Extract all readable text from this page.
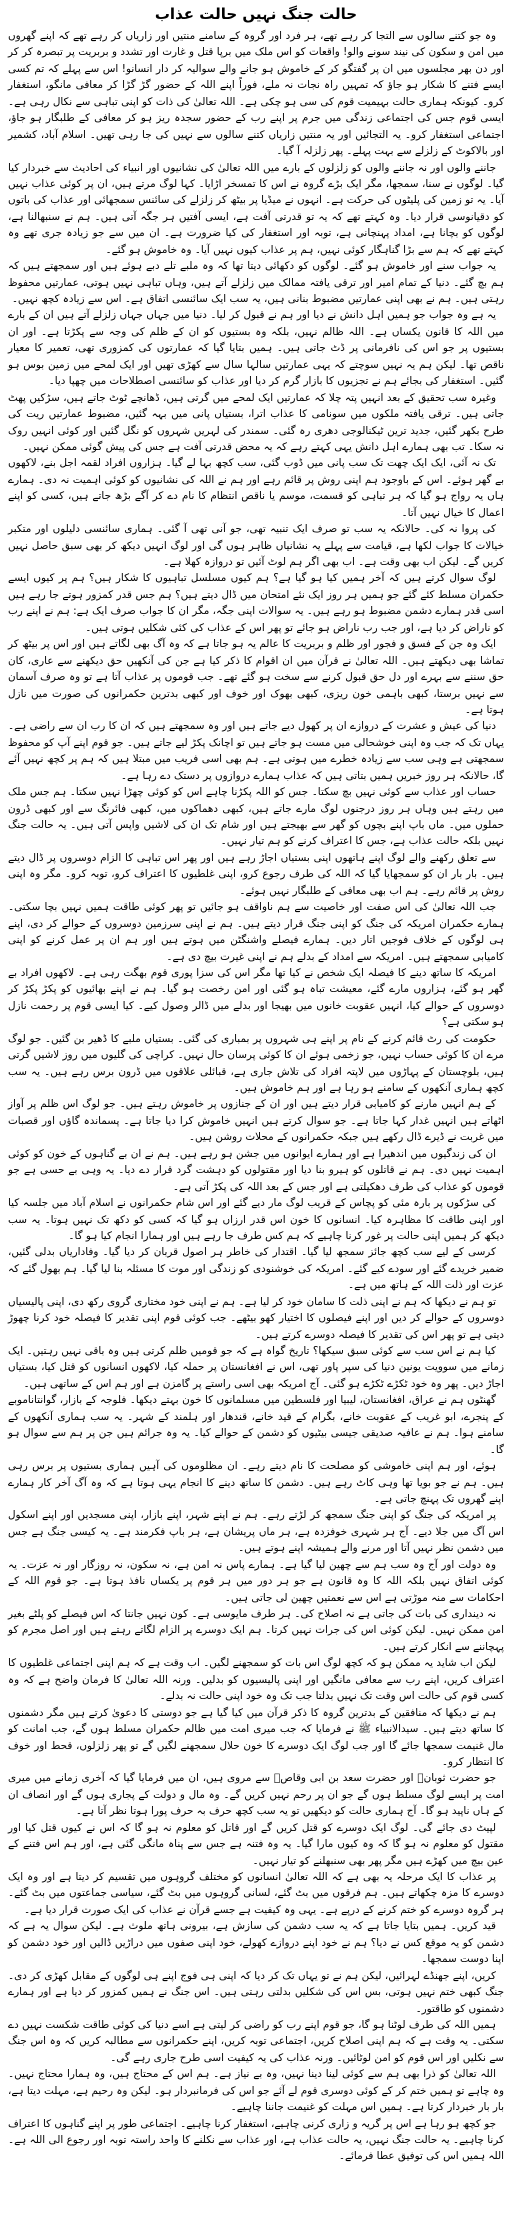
حالت جنگ نہیں حالت عذاب

وہ جو کتنے سالوں سے التجا کر رہے تھے، ہر فرد اور گروہ کے سامنے منتیں اور زاریاں کر رہے تھے کہ اپنے گھروں میں امن و سکون کی نیند سونے والو! واقعات کو اس ملک میں برپا قتل و غارت اور تشدد و بربریت پر تبصرہ کر کر اور دن بھر مجلسوں میں ان پر گفتگو کر کے خاموش ہو جانے والے سوالیہ کر دار انسانو! اس سے پہلے کہ تم کسی ایسے فتنے کا شکار ہو جاؤ کہ تمہیں راہ نجات نہ ملے، فوراً اپنے اللہ کے حضور گڑ گڑا کر معافی مانگو، استغفار کرو۔ کیونکہ ہماری حالت بہیمیت قوم کی سی ہو چکی ہے۔ اللہ تعالیٰ کی ذات کو اپنی تباہی سے نکال رہی ہے۔ ایسی قوم جس کی اجتماعی زندگی میں جرم پر اپنے رب کے حضور سجدہ ریز ہو کر معافی کے طلبگار ہو جاؤ، اجتماعی استغفار کرو۔ یہ التجائیں اور یہ منتیں زاریاں کتنے سالوں سے نہیں کی جا رہی تھیں۔ اسلام آباد، کشمیر اور بالاکوٹ کے زلزلے سے بہت پہلے۔ پھر زلزلہ آ گیا۔

جاننے والوں اور نہ جاننے والوں کو زلزلوں کے بارے میں اللہ تعالیٰ کی نشانیوں اور انبیاء کی احادیث سے خبردار کیا گیا۔ لوگوں نے سنا، سمجھا، مگر ایک بڑے گروہ نے اس کا تمسخر اڑایا۔ کہا لوگ مرتے ہیں، ان پر کوئی عذاب نہیں آیا۔ یہ تو زمین کی پلیٹوں کی حرکت ہے۔ انہوں نے میڈیا پر بیٹھ کر زلزلے کی سائنس سمجھائی اور عذاب کی باتوں کو دقیانوسی قرار دیا۔ وہ کہتے تھے کہ یہ تو قدرتی آفت ہے، ایسی آفتیں ہر جگہ آتی ہیں۔ ہم نے سنبھالنا ہے، لوگوں کو بچانا ہے، امداد پہنچانی ہے، توبہ اور استغفار کی کیا ضرورت ہے۔ ان میں سے جو زیادہ جری تھے وہ کہتے تھے کہ ہم سے بڑا گناہگار کوئی نہیں، ہم پر عذاب کیوں نہیں آیا۔ وہ خاموش ہو گئے۔

یہ جواب سنے اور خاموش ہو گئے۔ لوگوں کو دکھائی دیتا تھا کہ وہ ملبے تلے دبے ہوئے ہیں اور سمجھتے ہیں کہ ہم بچ گئے۔ دنیا کے تمام امیر اور ترقی یافتہ ممالک میں زلزلے آتے ہیں، وہاں تباہی نہیں ہوتی، عمارتیں محفوظ رہتی ہیں۔ ہم نے بھی اپنی عمارتیں مضبوط بنانی ہیں، یہ سب ایک سائنسی اتفاق ہے۔ اس سے زیادہ کچھ نہیں۔

یہ ہے وہ جواب جو ہمیں اہل دانش نے دیا اور ہم نے قبول کر لیا۔ دنیا میں جہاں جہاں زلزلے آتے ہیں ان کے بارے میں اللہ کا قانون یکساں ہے۔ اللہ ظالم نہیں، بلکہ وہ بستیوں کو ان کے ظلم کی وجہ سے پکڑتا ہے۔ اور ان بستیوں پر جو اس کی نافرمانی پر ڈٹ جاتی ہیں۔ ہمیں بتایا گیا کہ عمارتوں کی کمزوری تھی، تعمیر کا معیار ناقص تھا۔ لیکن ہم یہ نہیں سوچتے کہ یہی عمارتیں سالہا سال سے کھڑی تھیں اور ایک لمحے میں زمین بوس ہو گئیں۔ استغفار کی بجائے ہم نے تجزیوں کا بازار گرم کر دیا اور عذاب کو سائنسی اصطلاحات میں چھپا دیا۔

وغیرہ سب تحقیق کے بعد انہیں پتہ چلا کہ عمارتیں ایک لمحے میں گرتی ہیں، ڈھانچے ٹوٹ جاتے ہیں، سڑکیں پھٹ جاتی ہیں۔ ترقی یافتہ ملکوں میں سونامی کا عذاب اترا، بستیاں پانی میں بہہ گئیں، مضبوط عمارتیں ریت کی طرح بکھر گئیں، جدید ترین ٹیکنالوجی دھری رہ گئی۔ سمندر کی لہریں شہروں کو نگل گئیں اور کوئی انہیں روک نہ سکا۔ تب بھی ہمارے اہل دانش یہی کہتے رہے کہ یہ محض قدرتی آفت ہے جس کی پیش گوئی ممکن نہیں۔

تک نہ آئی، ایک ایک چھت تک سب پانی میں ڈوب گئی، سب کچھ بہا لے گیا۔ ہزاروں افراد لقمہ اجل بنے، لاکھوں بے گھر ہوئے۔ اس کے باوجود ہم اپنی روش پر قائم رہے اور ہم نے اللہ کی نشانیوں کو کوئی اہمیت نہ دی۔ ہمارے ہاں یہ رواج ہو گیا کہ ہر تباہی کو قسمت، موسم یا ناقص انتظام کا نام دے کر آگے بڑھ جاتے ہیں، کسی کو اپنے اعمال کا خیال نہیں آتا۔

کی پروا نہ کی۔ حالانکہ یہ سب تو صرف ایک تنبیہ تھی، جو آنی تھی آ گئی۔ ہماری سائنسی دلیلوں اور متکبر خیالات کا جواب لکھا ہے، قیامت سے پہلے یہ نشانیاں ظاہر ہوں گی اور لوگ انہیں دیکھ کر بھی سبق حاصل نہیں کریں گے۔ لیکن اب بھی وقت ہے۔ اب بھی اگر ہم لوٹ آئیں تو دروازہ کھلا ہے۔

لوگ سوال کرتے ہیں کہ آخر ہمیں کیا ہو گیا ہے؟ ہم کیوں مسلسل تباہیوں کا شکار ہیں؟ ہم پر کیوں ایسے حکمران مسلط کئے گئے جو ہمیں ہر روز ایک نئے امتحان میں ڈال دیتے ہیں؟ ہم جس قدر کمزور ہوتے جا رہے ہیں اسی قدر ہمارے دشمن مضبوط ہو رہے ہیں۔ یہ سوالات اپنی جگہ، مگر ان کا جواب صرف ایک ہے: ہم نے اپنے رب کو ناراض کر دیا ہے، اور جب رب ناراض ہو جائے تو پھر اس کے عذاب کی کئی شکلیں ہوتی ہیں۔

ایک وہ جن کے فسق و فجور اور ظلم و بربریت کا عالم یہ ہو جاتا ہے کہ وہ آگ بھی لگاتے ہیں اور اس پر بیٹھ کر تماشا بھی دیکھتے ہیں۔ اللہ تعالیٰ نے قرآن میں ان اقوام کا ذکر کیا ہے جن کی آنکھیں حق دیکھنے سے عاری، کان حق سننے سے بہرے اور دل حق قبول کرنے سے سخت ہو گئے تھے۔ جب قوموں پر عذاب آتا ہے تو وہ صرف آسمان سے نہیں برستا، کبھی باہمی خون ریزی، کبھی بھوک اور خوف اور کبھی بدترین حکمرانوں کی صورت میں نازل ہوتا ہے۔

دنیا کی عیش و عشرت کے دروازے ان پر کھول دیے جاتے ہیں اور وہ سمجھتے ہیں کہ ان کا رب ان سے راضی ہے۔ یہاں تک کہ جب وہ اپنی خوشحالی میں مست ہو جاتے ہیں تو اچانک پکڑ لیے جاتے ہیں۔ جو قوم اپنے آپ کو محفوظ سمجھتی ہے وہی سب سے زیادہ خطرے میں ہوتی ہے۔ ہم بھی اسی فریب میں مبتلا ہیں کہ ہم پر کچھ نہیں آئے گا، حالانکہ ہر روز خبریں ہمیں بتاتی ہیں کہ عذاب ہمارے دروازوں پر دستک دے رہا ہے۔

حساب اور عذاب سے کوئی نہیں بچ سکتا۔ جس کو اللہ پکڑنا چاہے اس کو کوئی چھڑا نہیں سکتا۔ ہم جس ملک میں رہتے ہیں وہاں ہر روز درجنوں لوگ مارے جاتے ہیں، کبھی دھماکوں میں، کبھی فائرنگ سے اور کبھی ڈرون حملوں میں۔ ماں باپ اپنے بچوں کو گھر سے بھیجتے ہیں اور شام تک ان کی لاشیں واپس آتی ہیں۔ یہ حالت جنگ نہیں بلکہ حالت عذاب ہے، جس کا اعتراف کرنے کو ہم تیار نہیں۔

سے تعلق رکھنے والے لوگ اپنے ہاتھوں اپنی بستیاں اجاڑ رہے ہیں اور پھر اس تباہی کا الزام دوسروں پر ڈال دیتے ہیں۔ بار بار ان کو سمجھایا گیا کہ اللہ کی طرف رجوع کرو، اپنی غلطیوں کا اعتراف کرو، توبہ کرو۔ مگر وہ اپنی روش پر قائم رہے۔ ہم اب بھی معافی کے طلبگار نہیں ہوئے۔

جب اللہ تعالیٰ کی اس صفت اور خاصیت سے ہم ناواقف ہو جائیں تو پھر کوئی طاقت ہمیں نہیں بچا سکتی۔ ہمارے حکمران امریکہ کی جنگ کو اپنی جنگ قرار دیتے ہیں۔ ہم نے اپنی سرزمین دوسروں کے حوالے کر دی، اپنے ہی لوگوں کے خلاف فوجیں اتار دیں۔ ہمارے فیصلے واشنگٹن میں ہوتے ہیں اور ہم ان پر عمل کرنے کو اپنی کامیابی سمجھتے ہیں۔ امریکہ سے امداد کے بدلے ہم نے اپنی غیرت بیچ دی ہے۔

امریکہ کا ساتھ دینے کا فیصلہ ایک شخص نے کیا تھا مگر اس کی سزا پوری قوم بھگت رہی ہے۔ لاکھوں افراد بے گھر ہو گئے، ہزاروں مارے گئے، معیشت تباہ ہو گئی اور امن رخصت ہو گیا۔ ہم نے اپنے بھائیوں کو پکڑ پکڑ کر دوسروں کے حوالے کیا، انہیں عقوبت خانوں میں بھیجا اور بدلے میں ڈالر وصول کیے۔ کیا ایسی قوم پر رحمت نازل ہو سکتی ہے؟

حکومت کی رٹ قائم کرنے کے نام پر اپنے ہی شہروں پر بمباری کی گئی۔ بستیاں ملبے کا ڈھیر بن گئیں۔ جو لوگ مرے ان کا کوئی حساب نہیں، جو زخمی ہوئے ان کا کوئی پرسان حال نہیں۔ کراچی کی گلیوں میں روز لاشیں گرتی ہیں، بلوچستان کے پہاڑوں میں لاپتہ افراد کی تلاش جاری ہے، قبائلی علاقوں میں ڈرون برس رہے ہیں۔ یہ سب کچھ ہماری آنکھوں کے سامنے ہو رہا ہے اور ہم خاموش ہیں۔

کے ہم انہیں مارنے کو کامیابی قرار دیتے ہیں اور ان کے جنازوں پر خاموش رہتے ہیں۔ جو لوگ اس ظلم پر آواز اٹھاتے ہیں انہیں غدار کہا جاتا ہے۔ جو سوال کرتے ہیں انہیں خاموش کرا دیا جاتا ہے۔ پسماندہ گاؤں اور قصبات میں غربت نے ڈیرے ڈال رکھے ہیں جبکہ حکمرانوں کے محلات روشن ہیں۔

ان کی زندگیوں میں اندھیرا ہے اور ہمارے ایوانوں میں جشن ہو رہے ہیں۔ ہم نے ان بے گناہوں کے خون کو کوئی اہمیت نہیں دی۔ ہم نے قاتلوں کو ہیرو بنا دیا اور مقتولوں کو دہشت گرد قرار دے دیا۔ یہ وہی بے حسی ہے جو قوموں کو عذاب کی طرف دھکیلتی ہے اور جس کے بعد اللہ کی پکڑ آتی ہے۔

کی سڑکوں پر بارہ مئی کو پچاس کے قریب لوگ مار دیے گئے اور اس شام حکمرانوں نے اسلام آباد میں جلسہ کیا اور اپنی طاقت کا مظاہرہ کیا۔ انسانوں کا خون اس قدر ارزاں ہو گیا کہ کسی کو دکھ تک نہیں ہوتا۔ یہ سب دیکھ کر ہمیں اپنی حالت پر غور کرنا چاہیے کہ ہم کس طرف جا رہے ہیں اور ہمارا انجام کیا ہو گا۔

کرسی کے لیے سب کچھ جائز سمجھ لیا گیا۔ اقتدار کی خاطر ہر اصول قربان کر دیا گیا۔ وفاداریاں بدلی گئیں، ضمیر خریدے گئے اور سودے کیے گئے۔ امریکہ کی خوشنودی کو زندگی اور موت کا مسئلہ بنا لیا گیا۔ ہم بھول گئے کہ عزت اور ذلت اللہ کے ہاتھ میں ہے۔

تو ہم نے دیکھا کہ ہم نے اپنی ذلت کا سامان خود کر لیا ہے۔ ہم نے اپنی خود مختاری گروی رکھ دی، اپنی پالیسیاں دوسروں کے حوالے کر دیں اور اپنے فیصلوں کا اختیار کھو بیٹھے۔ جب کوئی قوم اپنی تقدیر کا فیصلہ خود کرنا چھوڑ دیتی ہے تو پھر اس کی تقدیر کا فیصلہ دوسرے کرتے ہیں۔

کیا ہم نے اس سب سے کوئی سبق سیکھا؟ تاریخ گواہ ہے کہ جو قومیں ظلم کرتی ہیں وہ باقی نہیں رہتیں۔ ایک زمانے میں سوویت یونین دنیا کی سپر پاور تھی، اس نے افغانستان پر حملہ کیا، لاکھوں انسانوں کو قتل کیا، بستیاں اجاڑ دیں۔ پھر وہ خود ٹکڑے ٹکڑے ہو گئی۔ آج امریکہ بھی اسی راستے پر گامزن ہے اور ہم اس کے ساتھی ہیں۔

گھنٹوں ہم نے عراق، افغانستان، لیبیا اور فلسطین میں مسلمانوں کا خون بہتے دیکھا۔ فلوجہ کے بازار، گوانتاناموبے کے پنجرے، ابو غریب کے عقوبت خانے، بگرام کے قید خانے، قندھار اور ہلمند کے شہر۔ یہ سب ہماری آنکھوں کے سامنے ہوا۔ ہم نے عافیہ صدیقی جیسی بیٹیوں کو دشمن کے حوالے کیا۔ یہ وہ جرائم ہیں جن پر ہم سے سوال ہو گا۔

ہوئے، اور ہم اپنی خاموشی کو مصلحت کا نام دیتے رہے۔ ان مظلوموں کی آہیں ہماری بستیوں پر برس رہی ہیں۔ ہم نے جو بویا تھا وہی کاٹ رہے ہیں۔ دشمن کا ساتھ دینے کا انجام یہی ہوتا ہے کہ وہ آگ آخر کار ہمارے اپنے گھروں تک پہنچ جاتی ہے۔

پر امریکہ کی جنگ کو اپنی جنگ سمجھ کر لڑتے رہے۔ ہم نے اپنے شہر، اپنے بازار، اپنی مسجدیں اور اپنے اسکول اس آگ میں جلا دیے۔ آج ہر شہری خوفزدہ ہے، ہر ماں پریشان ہے، ہر باپ فکرمند ہے۔ یہ کیسی جنگ ہے جس میں دشمن نظر نہیں آتا اور مرنے والے ہمیشہ اپنے ہوتے ہیں۔

وہ دولت اور آج وہ سب ہم سے چھین لیا گیا ہے۔ ہمارے پاس نہ امن ہے، نہ سکون، نہ روزگار اور نہ عزت۔ یہ کوئی اتفاق نہیں بلکہ اللہ کا وہ قانون ہے جو ہر دور میں ہر قوم پر یکساں نافذ ہوتا ہے۔ جو قوم اللہ کے احکامات سے منہ موڑتی ہے اس سے نعمتیں چھین لی جاتی ہیں۔

نہ دینداری کی بات کی جاتی ہے نہ اصلاح کی۔ ہر طرف مایوسی ہے۔ کون نہیں جانتا کہ اس فیصلے کو پلٹے بغیر امن ممکن نہیں۔ لیکن کوئی اس کی جرات نہیں کرتا۔ ہم ایک دوسرے پر الزام لگاتے رہتے ہیں اور اصل مجرم کو پہچاننے سے انکار کرتے ہیں۔

لیکن اب شاید یہ ممکن ہو کہ کچھ لوگ اس بات کو سمجھنے لگیں۔ اب وقت ہے کہ ہم اپنی اجتماعی غلطیوں کا اعتراف کریں، اپنے رب سے معافی مانگیں اور اپنی پالیسیوں کو بدلیں۔ ورنہ اللہ تعالیٰ کا فرمان واضح ہے کہ وہ کسی قوم کی حالت اس وقت تک نہیں بدلتا جب تک وہ خود اپنی حالت نہ بدلے۔

ہم نے دیکھا کہ منافقین کے بدترین گروہ کا ذکر قرآن میں کیا گیا ہے جو دوستی کا دعویٰ کرتے ہیں مگر دشمنوں کا ساتھ دیتے ہیں۔ سیدالانبیاء ﷺ نے فرمایا کہ جب میری امت میں ظالم حکمران مسلط ہوں گے، جب امانت کو مال غنیمت سمجھا جائے گا اور جب لوگ ایک دوسرے کا خون حلال سمجھنے لگیں گے تو پھر زلزلوں، قحط اور خوف کا انتظار کرو۔

جو حضرت ثوبانؓ اور حضرت سعد بن ابی وقاصؓ سے مروی ہیں، ان میں فرمایا گیا کہ آخری زمانے میں میری امت پر ایسے لوگ مسلط ہوں گے جو ان پر رحم نہیں کریں گے۔ وہ مال و دولت کے پجاری ہوں گے اور انصاف ان کے ہاں ناپید ہو گا۔ آج ہماری حالت کو دیکھیں تو یہ سب کچھ حرف بہ حرف پورا ہوتا نظر آتا ہے۔

لپیٹ دی جائے گی۔ لوگ ایک دوسرے کو قتل کریں گے اور قاتل کو معلوم نہ ہو گا کہ اس نے کیوں قتل کیا اور مقتول کو معلوم نہ ہو گا کہ وہ کیوں مارا گیا۔ یہ وہ فتنہ ہے جس سے پناہ مانگی گئی ہے، اور ہم اس فتنے کے عین بیچ میں کھڑے ہیں مگر پھر بھی سنبھلنے کو تیار نہیں۔

پر عذاب کا ایک مرحلہ یہ بھی ہے کہ اللہ تعالیٰ انسانوں کو مختلف گروہوں میں تقسیم کر دیتا ہے اور وہ ایک دوسرے کا مزہ چکھاتے ہیں۔ ہم فرقوں میں بٹ گئے، لسانی گروہوں میں بٹ گئے، سیاسی جماعتوں میں بٹ گئے۔ ہر گروہ دوسرے کو ختم کرنے کے درپے ہے۔ یہی وہ کیفیت ہے جسے قرآن نے عذاب کی ایک صورت قرار دیا ہے۔

قید کریں۔ ہمیں بتایا جاتا ہے کہ یہ سب دشمن کی سازش ہے، بیرونی ہاتھ ملوث ہے۔ لیکن سوال یہ ہے کہ دشمن کو یہ موقع کس نے دیا؟ ہم نے خود اپنے دروازے کھولے، خود اپنی صفوں میں دراڑیں ڈالیں اور خود دشمن کو اپنا دوست سمجھا۔

کریں، اپنے جھنڈے لہرائیں، لیکن ہم نے تو یہاں تک کر دیا کہ اپنی ہی فوج اپنے ہی لوگوں کے مقابل کھڑی کر دی۔ جنگ کبھی ختم نہیں ہوتی، بس اس کی شکلیں بدلتی رہتی ہیں۔ اس جنگ نے ہمیں کمزور کر دیا ہے اور ہمارے دشمنوں کو طاقتور۔

ہمیں اللہ کی طرف لوٹنا ہو گا، جو قوم اپنے رب کو راضی کر لیتی ہے اسے دنیا کی کوئی طاقت شکست نہیں دے سکتی۔ یہ وقت ہے کہ ہم اپنی اصلاح کریں، اجتماعی توبہ کریں، اپنے حکمرانوں سے مطالبہ کریں کہ وہ اس جنگ سے نکلیں اور اس قوم کو امن لوٹائیں۔ ورنہ عذاب کی یہ کیفیت اسی طرح جاری رہے گی۔

اللہ تعالیٰ کو ذرا بھی ہم سے کوئی لینا دینا نہیں، وہ بے نیاز ہے۔ ہم اس کے محتاج ہیں، وہ ہمارا محتاج نہیں۔ وہ چاہے تو ہمیں ختم کر کے کوئی دوسری قوم لے آئے جو اس کی فرمانبردار ہو۔ لیکن وہ رحیم ہے، مہلت دیتا ہے، بار بار خبردار کرتا ہے۔ ہمیں اس مہلت کو غنیمت جاننا چاہیے۔

جو کچھ ہو رہا ہے اس پر گریہ و زاری کرنی چاہیے، استغفار کرنا چاہیے۔ اجتماعی طور پر اپنے گناہوں کا اعتراف کرنا چاہیے۔ یہ حالت جنگ نہیں، یہ حالت عذاب ہے، اور عذاب سے نکلنے کا واحد راستہ توبہ اور رجوع الی اللہ ہے۔ اللہ ہمیں اس کی توفیق عطا فرمائے۔
